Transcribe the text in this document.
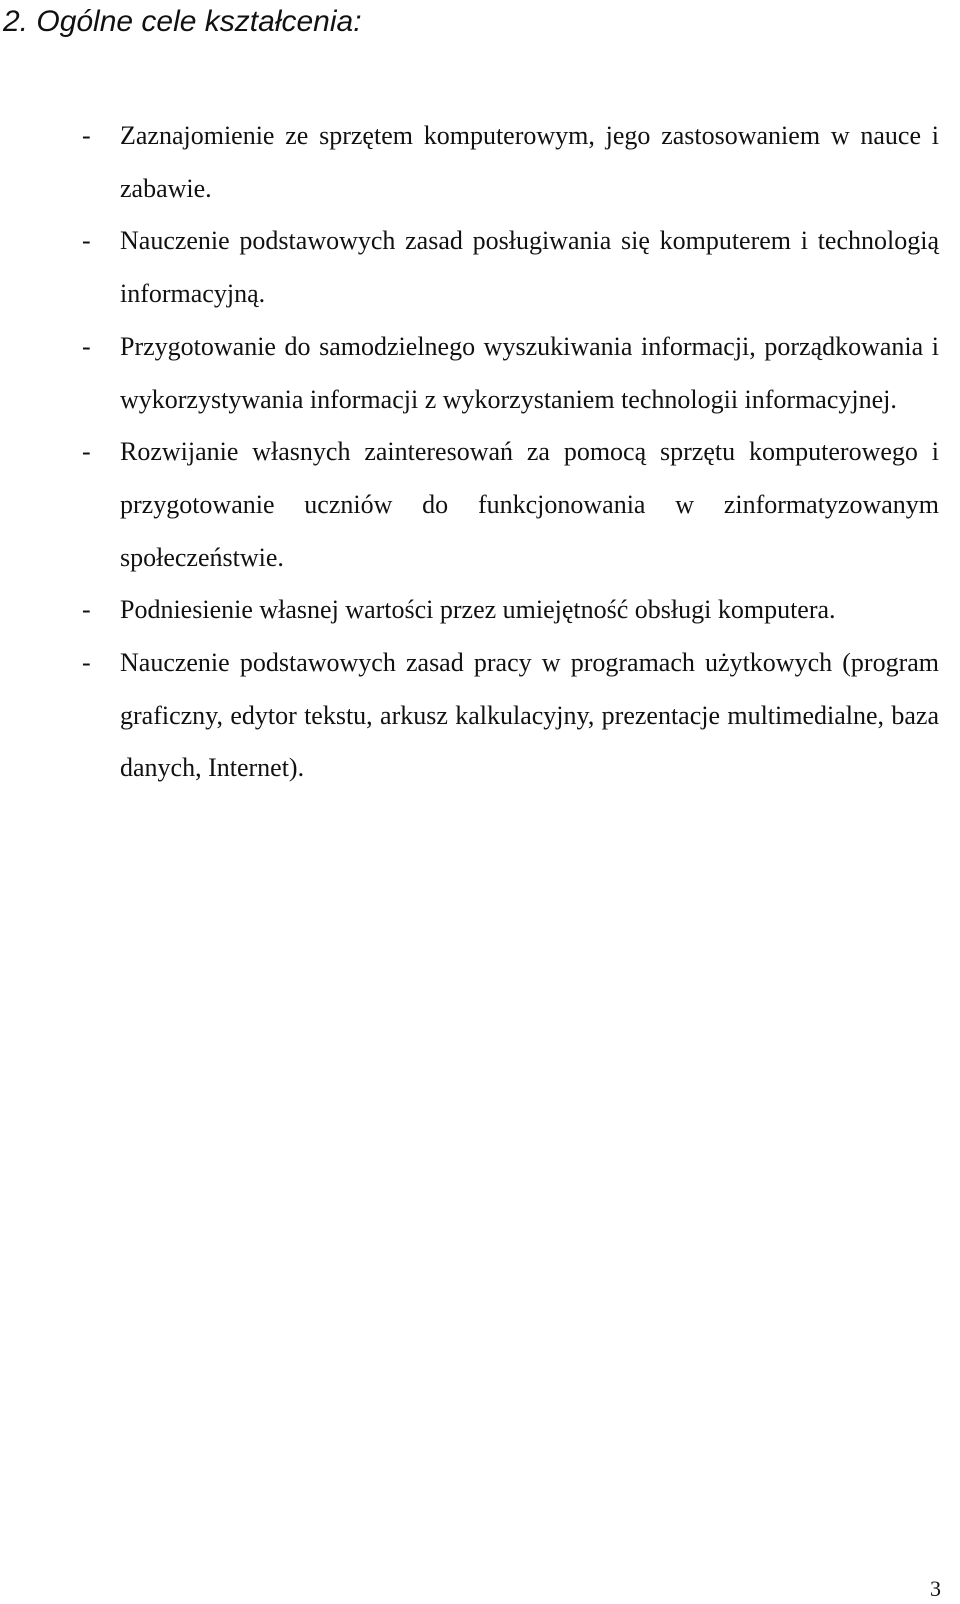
2. Ogólne cele kształcenia:
- Zaznajomienie ze sprzętem komputerowym, jego zastosowaniem w nauce i zabawie.
- Nauczenie podstawowych zasad posługiwania się komputerem i technologią informacyjną.
- Przygotowanie do samodzielnego wyszukiwania informacji, porządkowania i wykorzystywania informacji z wykorzystaniem technologii informacyjnej.
- Rozwijanie własnych zainteresowań za pomocą sprzętu komputerowego i przygotowanie uczniów do funkcjonowania w zinformatyzowanym społeczeństwie.
- Podniesienie własnej wartości przez umiejętność obsługi komputera.
- Nauczenie podstawowych zasad pracy w programach użytkowych (program graficzny, edytor tekstu, arkusz kalkulacyjny, prezentacje multimedialne, baza danych, Internet).
3
